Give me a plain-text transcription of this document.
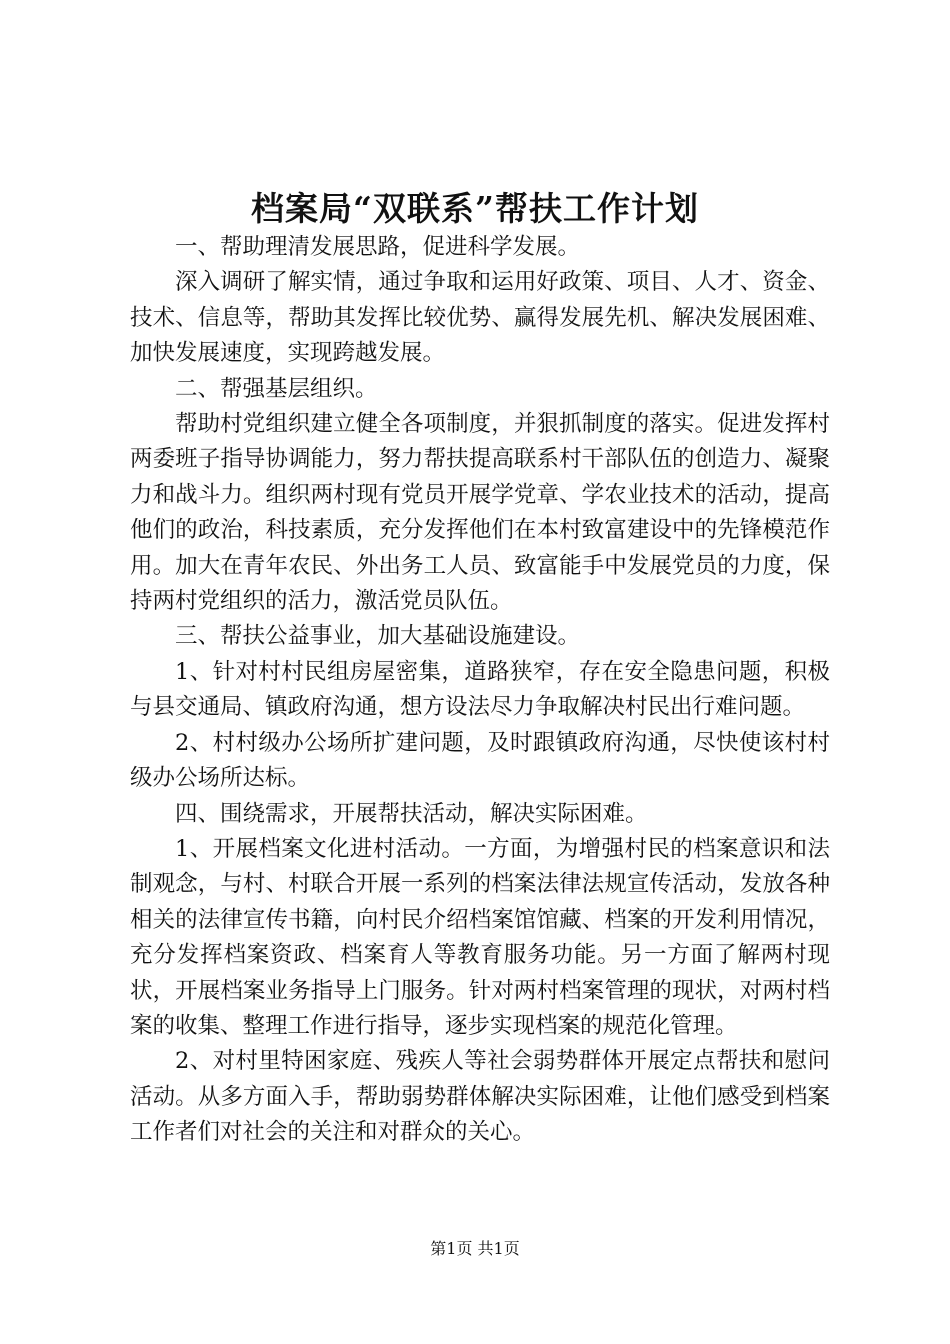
档案局“双联系”帮扶工作计划

一、帮助理清发展思路，促进科学发展。

深入调研了解实情，通过争取和运用好政策、项目、人才、资金、技术、信息等，帮助其发挥比较优势、赢得发展先机、解决发展困难、加快发展速度，实现跨越发展。

二、帮强基层组织。

帮助村党组织建立健全各项制度，并狠抓制度的落实。促进发挥村两委班子指导协调能力，努力帮扶提高联系村干部队伍的创造力、凝聚力和战斗力。组织两村现有党员开展学党章、学农业技术的活动，提高他们的政治，科技素质，充分发挥他们在本村致富建设中的先锋模范作用。加大在青年农民、外出务工人员、致富能手中发展党员的力度，保持两村党组织的活力，激活党员队伍。

三、帮扶公益事业，加大基础设施建设。

1、针对村村民组房屋密集，道路狭窄，存在安全隐患问题，积极与县交通局、镇政府沟通，想方设法尽力争取解决村民出行难问题。

2、村村级办公场所扩建问题，及时跟镇政府沟通，尽快使该村村级办公场所达标。

四、围绕需求，开展帮扶活动，解决实际困难。

1、开展档案文化进村活动。一方面，为增强村民的档案意识和法制观念，与村、村联合开展一系列的档案法律法规宣传活动，发放各种相关的法律宣传书籍，向村民介绍档案馆馆藏、档案的开发利用情况，充分发挥档案资政、档案育人等教育服务功能。另一方面了解两村现状，开展档案业务指导上门服务。针对两村档案管理的现状，对两村档案的收集、整理工作进行指导，逐步实现档案的规范化管理。

2、对村里特困家庭、残疾人等社会弱势群体开展定点帮扶和慰问活动。从多方面入手，帮助弱势群体解决实际困难，让他们感受到档案工作者们对社会的关注和对群众的关心。

第1页 共1页
